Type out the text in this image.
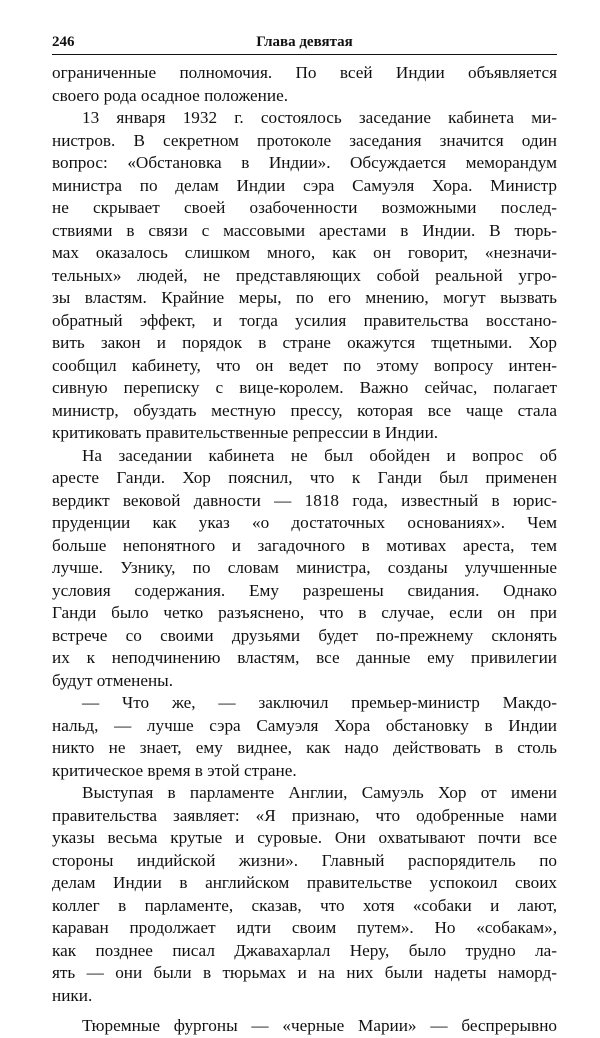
246	Глава девятая
ограниченные полномочия. По всей Индии объявляется
своего рода осадное положение.
13 января 1932 г. состоялось заседание кабинета ми-
нистров. В секретном протоколе заседания значится один
вопрос: «Обстановка в Индии». Обсуждается меморандум
министра по делам Индии сэра Самуэля Хора. Министр
не скрывает своей озабоченности возможными послед-
ствиями в связи с массовыми арестами в Индии. В тюрь-
мах оказалось слишком много, как он говорит, «незначи-
тельных» людей, не представляющих собой реальной угро-
зы властям. Крайние меры, по его мнению, могут вызвать
обратный эффект, и тогда усилия правительства восстано-
вить закон и порядок в стране окажутся тщетными. Хор
сообщил кабинету, что он ведет по этому вопросу интен-
сивную переписку с вице-королем. Важно сейчас, полагает
министр, обуздать местную прессу, которая все чаще стала
критиковать правительственные репрессии в Индии.
На заседании кабинета не был обойден и вопрос об
аресте Ганди. Хор пояснил, что к Ганди был применен
вердикт вековой давности — 1818 года, известный в юрис-
пруденции как указ «о достаточных основаниях». Чем
больше непонятного и загадочного в мотивах ареста, тем
лучше. Узнику, по словам министра, созданы улучшенные
условия содержания. Ему разрешены свидания. Однако
Ганди было четко разъяснено, что в случае, если он при
встрече со своими друзьями будет по-прежнему склонять
их к неподчинению властям, все данные ему привилегии
будут отменены.
— Что же, — заключил премьер-министр Макдо-
нальд, — лучше сэра Самуэля Хора обстановку в Индии
никто не знает, ему виднее, как надо действовать в столь
критическое время в этой стране.
Выступая в парламенте Англии, Самуэль Хор от имени
правительства заявляет: «Я признаю, что одобренные нами
указы весьма крутые и суровые. Они охватывают почти все
стороны индийской жизни». Главный распорядитель по
делам Индии в английском правительстве успокоил своих
коллег в парламенте, сказав, что хотя «собаки и лают,
караван продолжает идти своим путем». Но «собакам»,
как позднее писал Джавахарлал Неру, было трудно ла-
ять — они были в тюрьмах и на них были надеты наморд-
ники.
Тюремные фургоны — «черные Марии» — беспрерывно
